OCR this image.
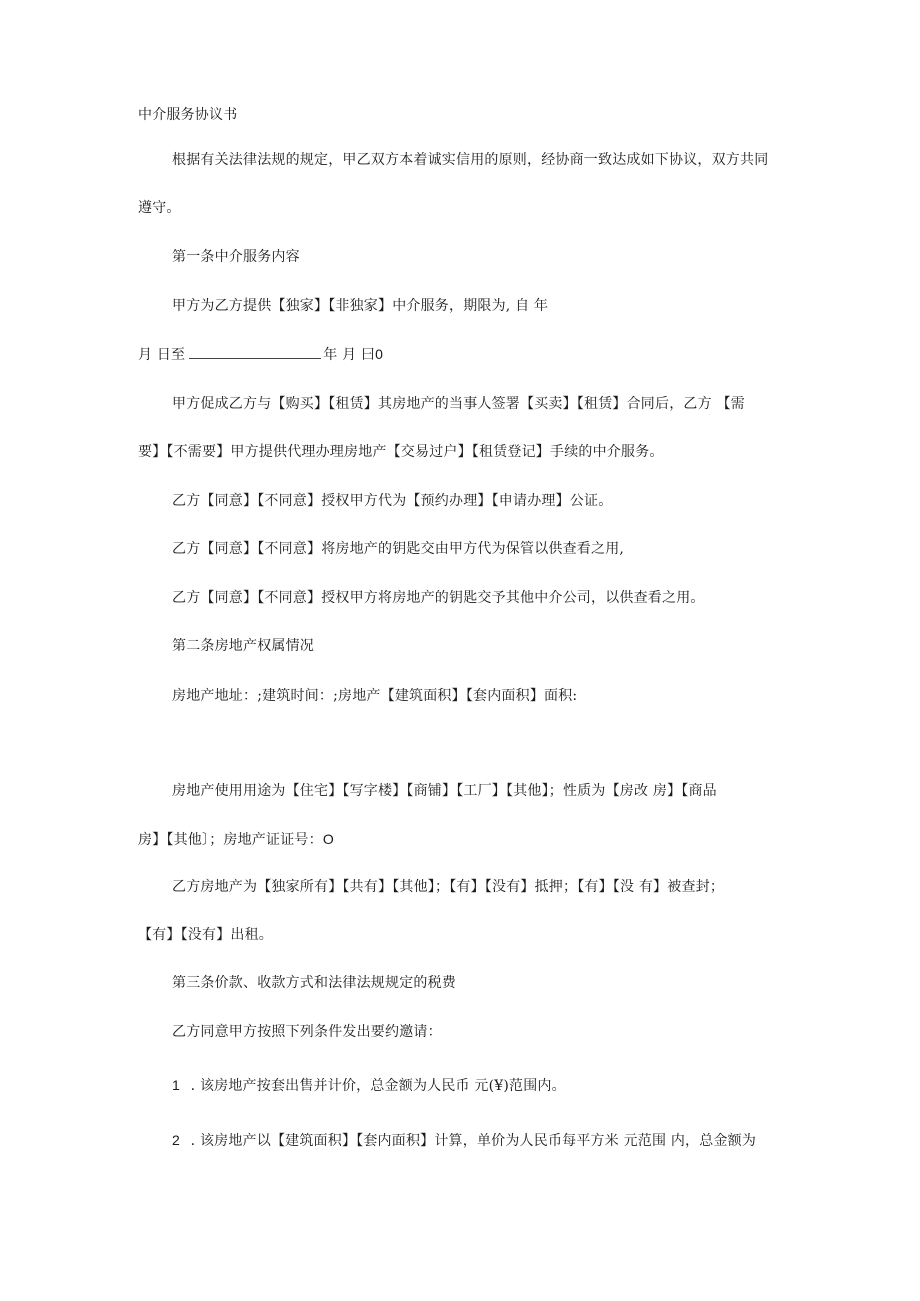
中介服务协议书
根据有关法律法规的规定，甲乙双方本着诚实信用的原则，经协商一致达成如下协议，双方共同
遵守。
第一条中介服务内容
甲方为乙方提供【独家】【非独家】中介服务，期限为, 自 年
月 日至	年 月 曰0
甲方促成乙方与【购买】【租赁】其房地产的当事人签署【买卖】【租赁】合同后，乙方 【需
要】【不需要】甲方提供代理办理房地产【交易过户】【租赁登记】手续的中介服务。
乙方【同意】【不同意】授权甲方代为【预约办理】【申请办理】公证。
乙方【同意】【不同意】将房地产的钥匙交由甲方代为保管以供查看之用,
乙方【同意】【不同意】授权甲方将房地产的钥匙交予其他中介公司，以供查看之用。
第二条房地产权属情况
房地产地址：;建筑时间：;房地产【建筑面积】【套内面积】面积:
房地产使用用途为【住宅】【写字楼】【商铺】【工厂】【其他】；性质为【房改 房】【商品
房】【其他〕；房地产证证号：O
乙方房地产为【独家所有】【共有】【其他】；【有】【没有】抵押；【有】【没 有】被查封；
【有】【没有】出租。
第三条价款、收款方式和法律法规规定的税费
乙方同意甲方按照下列条件发出要约邀请：
1 . 该房地产按套出售并计价，总金额为人民币 元(¥)范围内。
2 . 该房地产以【建筑面积】【套内面积】计算，单价为人民币每平方米 元范围 内，总金额为
